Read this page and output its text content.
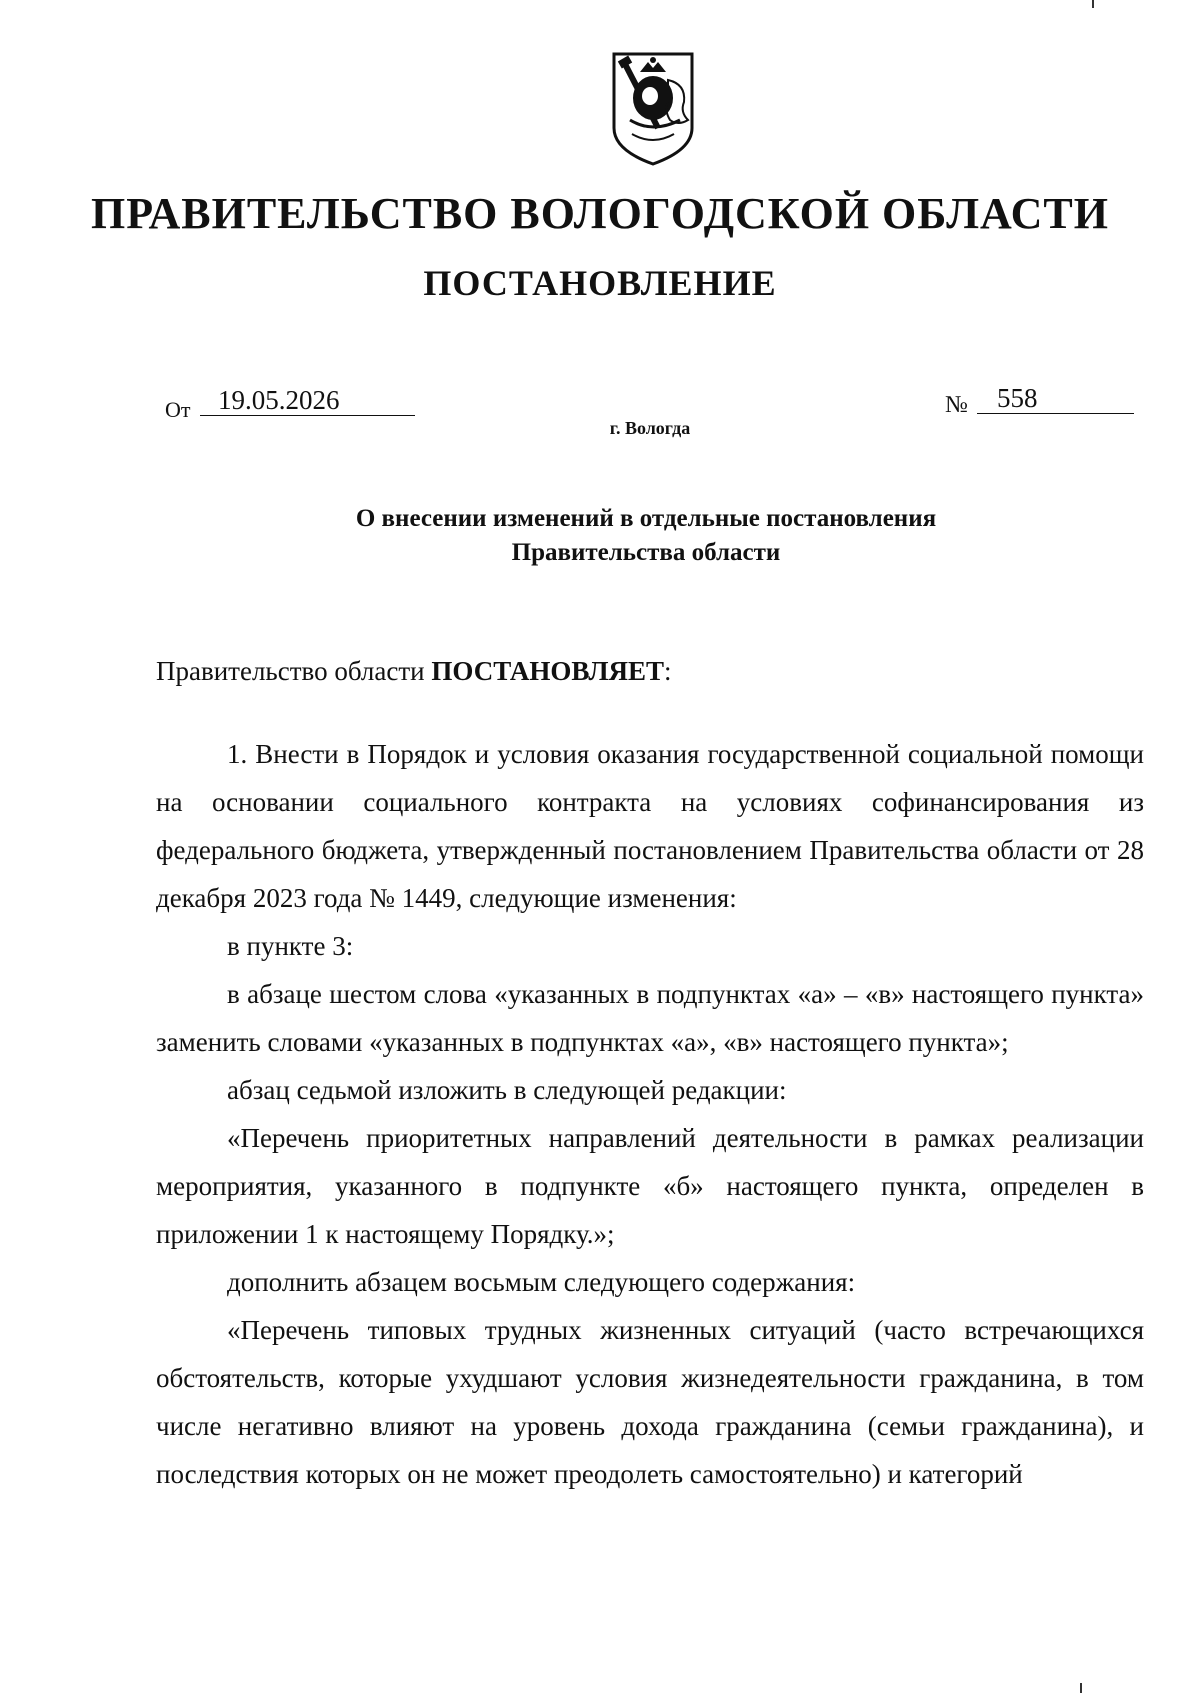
ПРАВИТЕЛЬСТВО ВОЛОГОДСКОЙ ОБЛАСТИ
ПОСТАНОВЛЕНИЕ
От	19.05.2026	№	558
г. Вологда
О внесении изменений в отдельные постановления
Правительства области
Правительство области ПОСТАНОВЛЯЕТ:

1. Внести в Порядок и условия оказания государственной социальной помощи на основании социального контракта на условиях софинансирования из федерального бюджета, утвержденный постановлением Правительства области от 28 декабря 2023 года № 1449, следующие изменения:

в пункте 3:

в абзаце шестом слова «указанных в подпунктах «а» – «в» настоящего пункта» заменить словами «указанных в подпунктах «а», «в» настоящего пункта»;

абзац седьмой изложить в следующей редакции:

«Перечень приоритетных направлений деятельности в рамках реализации мероприятия, указанного в подпункте «б» настоящего пункта, определен в приложении 1 к настоящему Порядку.»;

дополнить абзацем восьмым следующего содержания:

«Перечень типовых трудных жизненных ситуаций (часто встречающихся обстоятельств, которые ухудшают условия жизнедеятельности гражданина, в том числе негативно влияют на уровень дохода гражданина (семьи гражданина), и последствия которых он не может преодолеть самостоятельно) и категорий
